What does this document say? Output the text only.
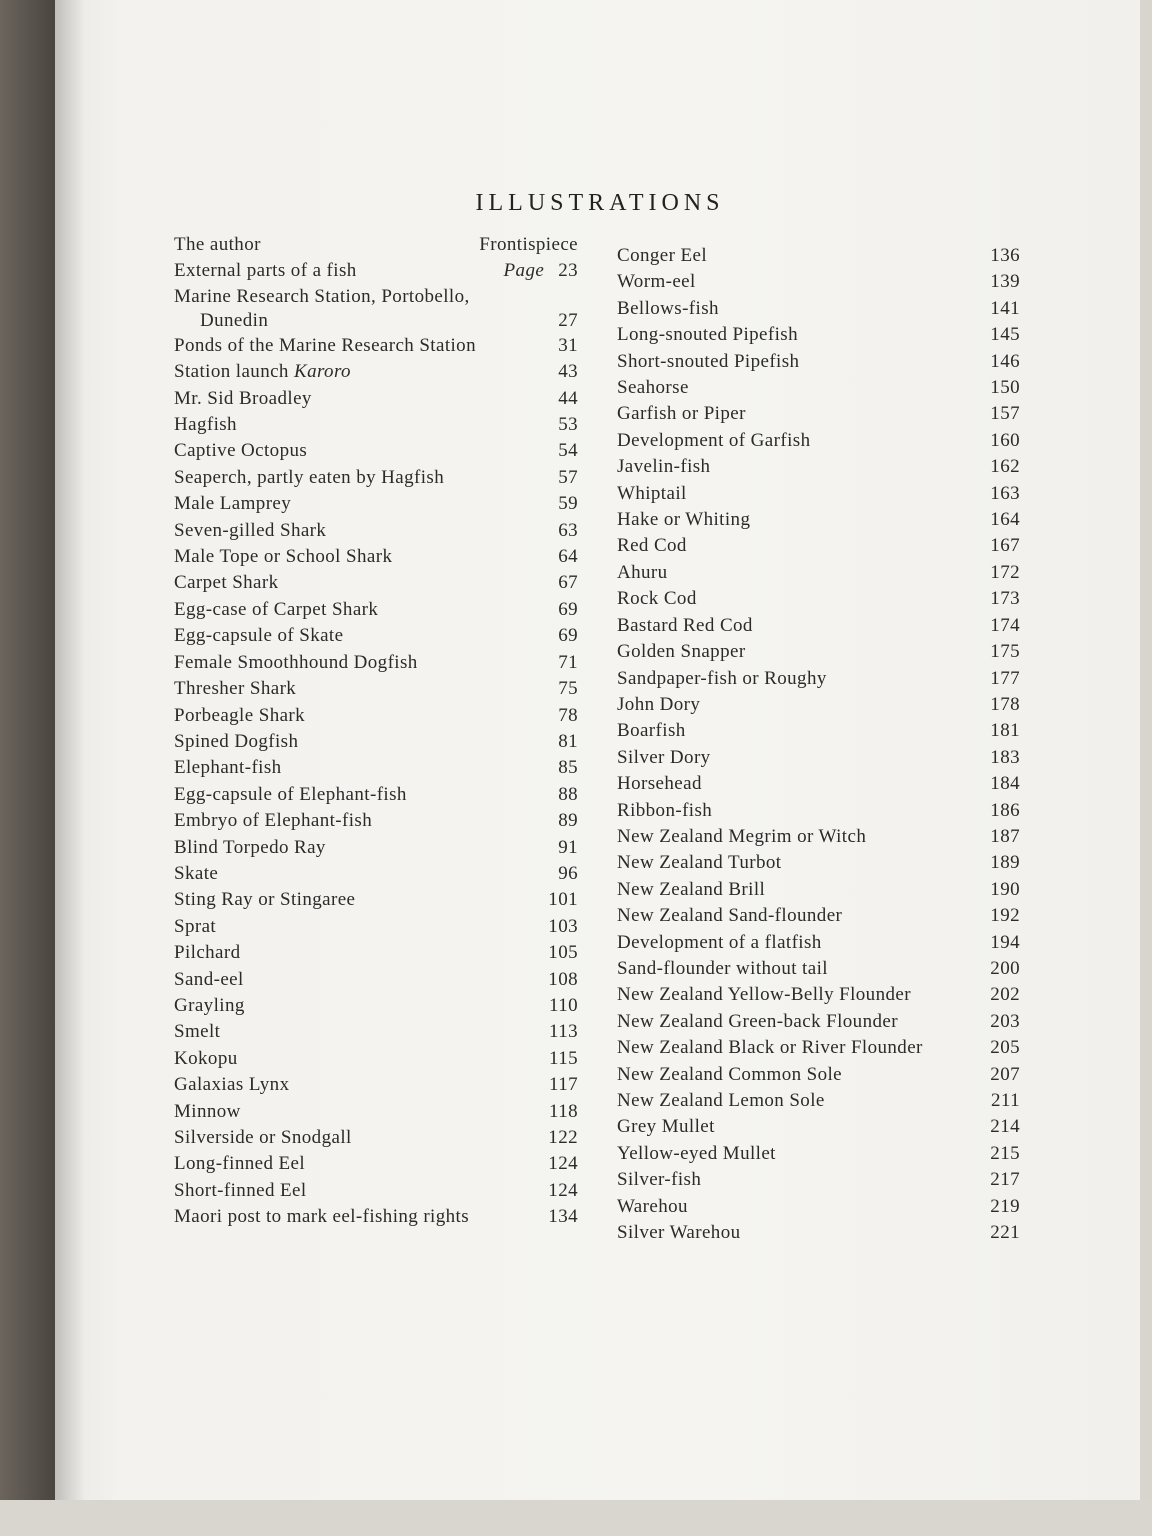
ILLUSTRATIONS
The author	Frontispiece
External parts of a fish	Page 23
Marine Research Station, Portobello,
Dunedin	27
Ponds of the Marine Research Station	31
Station launch Karoro	43
Mr. Sid Broadley	44
Hagfish	53
Captive Octopus	54
Seaperch, partly eaten by Hagfish	57
Male Lamprey	59
Seven-gilled Shark	63
Male Tope or School Shark	64
Carpet Shark	67
Egg-case of Carpet Shark	69
Egg-capsule of Skate	69
Female Smoothhound Dogfish	71
Thresher Shark	75
Porbeagle Shark	78
Spined Dogfish	81
Elephant-fish	85
Egg-capsule of Elephant-fish	88
Embryo of Elephant-fish	89
Blind Torpedo Ray	91
Skate	96
Sting Ray or Stingaree	101
Sprat	103
Pilchard	105
Sand-eel	108
Grayling	110
Smelt	113
Kokopu	115
Galaxias Lynx	117
Minnow	118
Silverside or Snodgall	122
Long-finned Eel	124
Short-finned Eel	124
Maori post to mark eel-fishing rights	134
Conger Eel	136
Worm-eel	139
Bellows-fish	141
Long-snouted Pipefish	145
Short-snouted Pipefish	146
Seahorse	150
Garfish or Piper	157
Development of Garfish	160
Javelin-fish	162
Whiptail	163
Hake or Whiting	164
Red Cod	167
Ahuru	172
Rock Cod	173
Bastard Red Cod	174
Golden Snapper	175
Sandpaper-fish or Roughy	177
John Dory	178
Boarfish	181
Silver Dory	183
Horsehead	184
Ribbon-fish	186
New Zealand Megrim or Witch	187
New Zealand Turbot	189
New Zealand Brill	190
New Zealand Sand-flounder	192
Development of a flatfish	194
Sand-flounder without tail	200
New Zealand Yellow-Belly Flounder	202
New Zealand Green-back Flounder	203
New Zealand Black or River Flounder	205
New Zealand Common Sole	207
New Zealand Lemon Sole	211
Grey Mullet	214
Yellow-eyed Mullet	215
Silver-fish	217
Warehou	219
Silver Warehou	221
